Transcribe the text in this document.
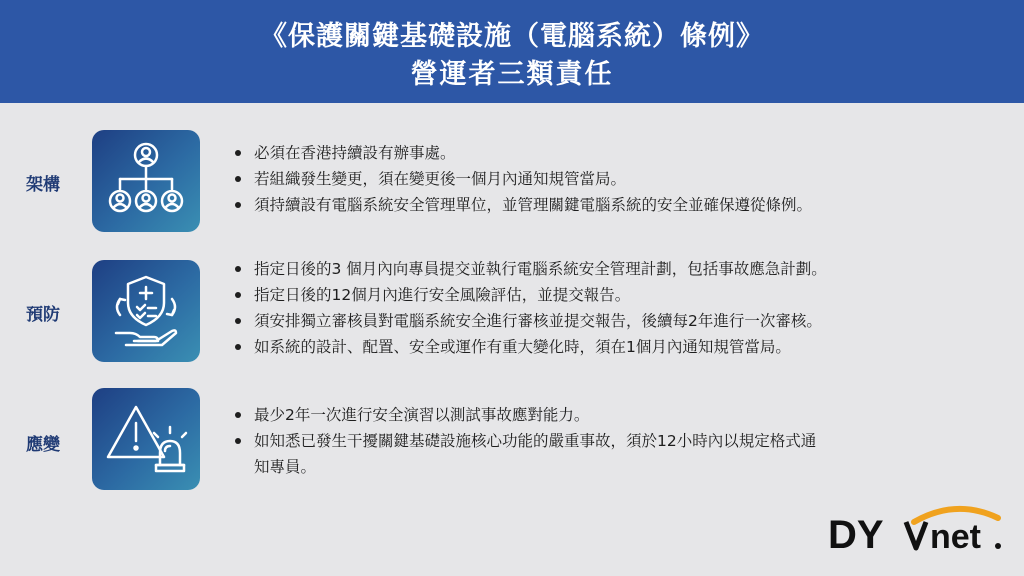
《保護關鍵基礎設施（電腦系統）條例》
營運者三類責任
架構
必須在香港持續設有辦事處。
若組織發生變更，須在變更後一個月內通知規管當局。
須持續設有電腦系統安全管理單位，並管理關鍵電腦系統的安全並確保遵從條例。
預防
指定日後的3 個月內向專員提交並執行電腦系統安全管理計劃，包括事故應急計劃。
指定日後的12個月內進行安全風險評估，並提交報告。
須安排獨立審核員對電腦系統安全進行審核並提交報告，後續每2年進行一次審核。
如系統的設計、配置、安全或運作有重大變化時，須在1個月內通知規管當局。
應變
最少2年一次進行安全演習以測試事故應對能力。
如知悉已發生干擾關鍵基礎設施核心功能的嚴重事故，須於12小時內以規定格式通
知專員。
DY net
